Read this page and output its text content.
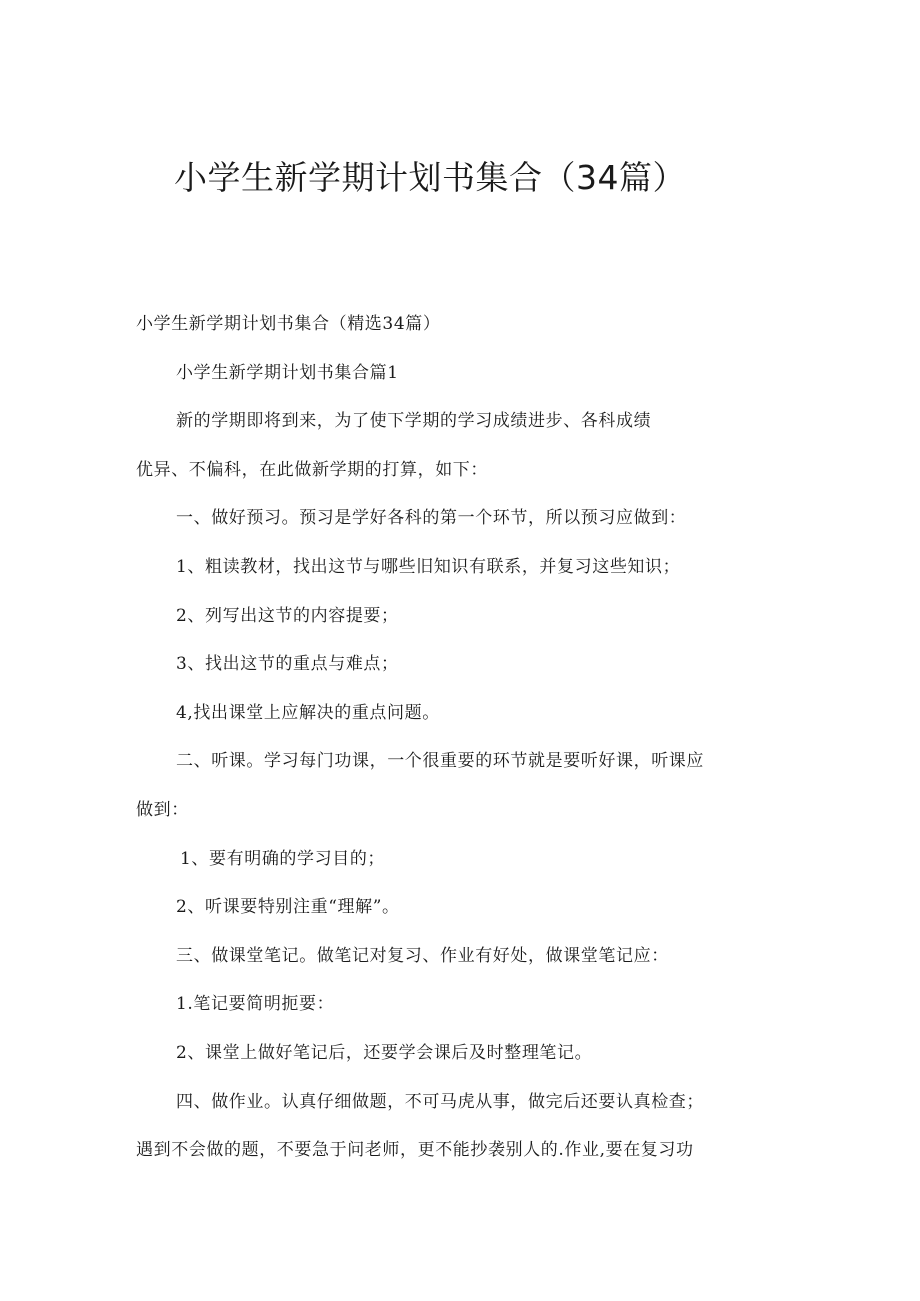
小学生新学期计划书集合（34篇）
小学生新学期计划书集合（精选34篇）
小学生新学期计划书集合篇1
新的学期即将到来，为了使下学期的学习成绩进步、各科成绩
优异、不偏科，在此做新学期的打算，如下：
一、做好预习。预习是学好各科的第一个环节，所以预习应做到：
1、粗读教材，找出这节与哪些旧知识有联系，并复习这些知识；
2、列写出这节的内容提要；
3、找出这节的重点与难点；
4,找出课堂上应解决的重点问题。
二、听课。学习每门功课，一个很重要的环节就是要听好课，听课应
做到：
1、要有明确的学习目的；
2、听课要特别注重“理解”。
三、做课堂笔记。做笔记对复习、作业有好处，做课堂笔记应：
1.笔记要简明扼要：
2、课堂上做好笔记后，还要学会课后及时整理笔记。
四、做作业。认真仔细做题，不可马虎从事，做完后还要认真检查；
遇到不会做的题，不要急于问老师，更不能抄袭别人的.作业,要在复习功
